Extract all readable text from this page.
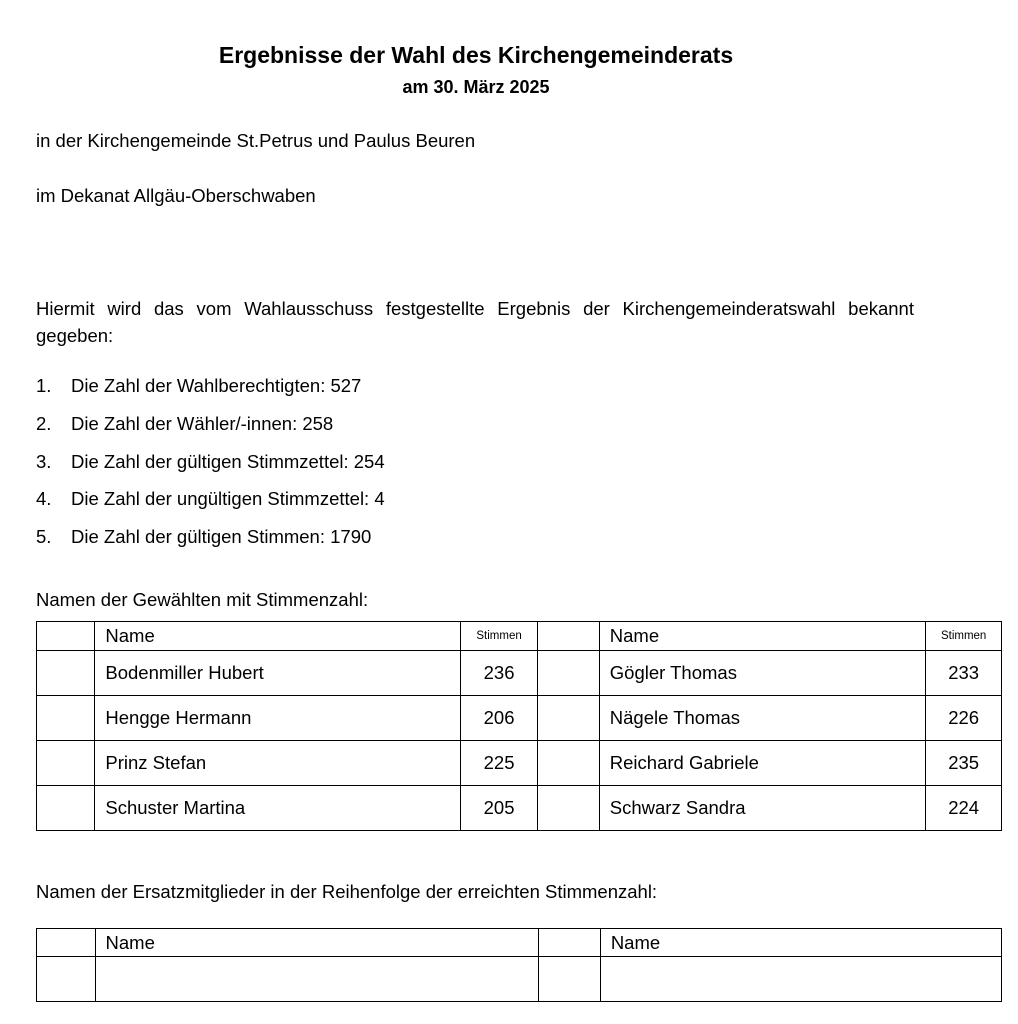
Ergebnisse der Wahl des Kirchengemeinderats
am 30. März 2025
in der Kirchengemeinde St.Petrus und Paulus Beuren
im Dekanat Allgäu-Oberschwaben
Hiermit wird das vom Wahlausschuss festgestellte Ergebnis der Kirchengemeinderatswahl bekannt gegeben:
1. Die Zahl der Wahlberechtigten: 527
2. Die Zahl der Wähler/-innen: 258
3. Die Zahl der gültigen Stimmzettel: 254
4. Die Zahl der ungültigen Stimmzettel: 4
5. Die Zahl der gültigen Stimmen: 1790
Namen der Gewählten mit Stimmenzahl:
	Name	Stimmen		Name	Stimmen
	Bodenmiller Hubert	236		Gögler Thomas	233
	Hengge Hermann	206		Nägele Thomas	226
	Prinz Stefan	225		Reichard Gabriele	235
	Schuster Martina	205		Schwarz Sandra	224
Namen der Ersatzmitglieder in der Reihenfolge der erreichten Stimmenzahl:
	Name		Name
